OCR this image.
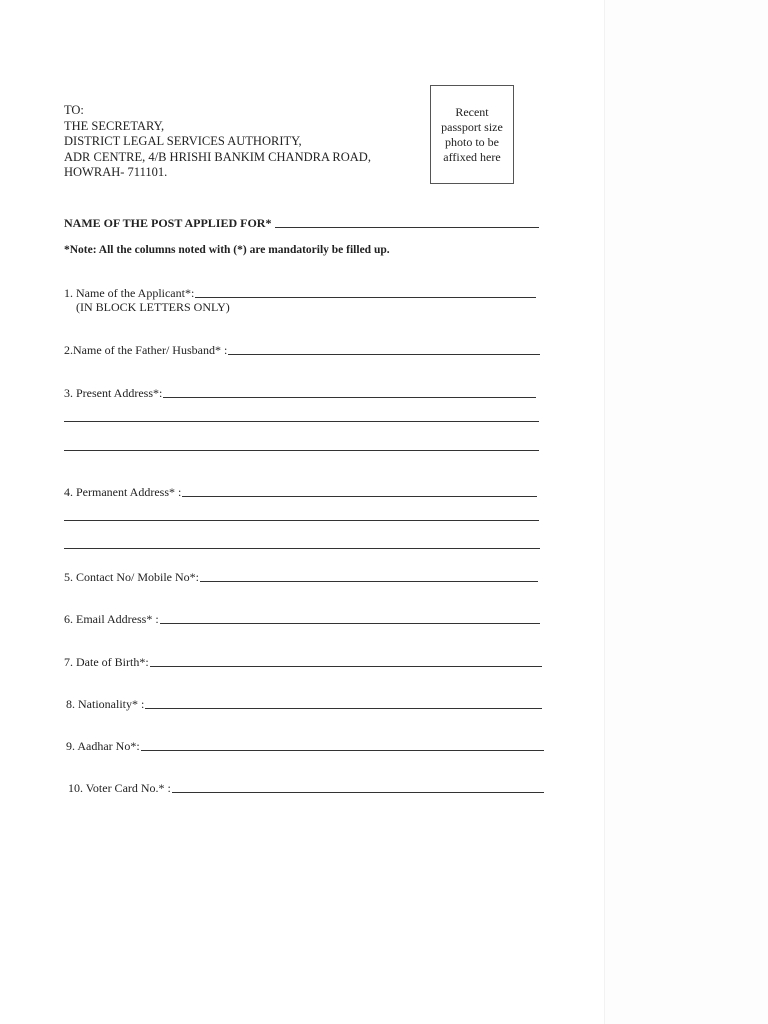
TO:
THE SECRETARY,
DISTRICT LEGAL SERVICES AUTHORITY,
ADR CENTRE, 4/B HRISHI BANKIM CHANDRA ROAD,
HOWRAH- 711101.
Recent
passport size
photo to be
affixed here
NAME OF THE POST APPLIED FOR*
*Note: All the columns noted with (*) are mandatorily be filled up.
1. Name of the Applicant*:
(IN BLOCK LETTERS ONLY)
2.Name of the Father/ Husband* :
3. Present Address*:
4. Permanent Address* :
5. Contact No/ Mobile No*:
6. Email Address* :
7. Date of Birth*:
8. Nationality* :
9. Aadhar No*:
10. Voter Card No.* :
